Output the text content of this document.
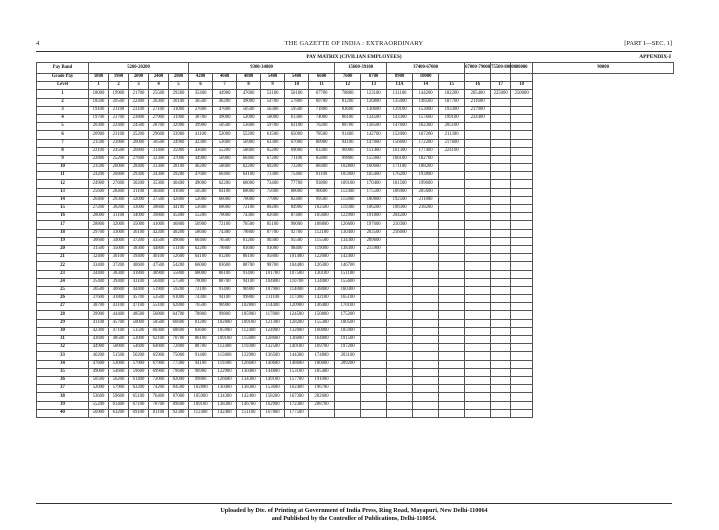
4	THE GAZETTE OF INDIA : EXTRAORDINARY	[PART I—SEC. 1]
PAY MATRIX (CIVILIAN EMPLOYEES)	APPENDIX-I
Pay Band	5200-20200					9300-34800						15600-39100		37400-67000			67000-79000	75500-80000	80000	90000
Grade Pay	1800	1900	2000	2400	2800	4200	4600	4800	5400	5400	6600	7600	8700	8900	10000					
Level	1	2	3	4	5	6	7	8	9	10	11	12	13	13A	14	15	16	17	18	
1	18000	19900	21700	25500	29200	35400	44900	47600	53100	56100	67700	78800	123100	131100	144200	182200	205400	225000	250000	
2	18500	20500	22400	26300	30100	36500	46200	49000	54700	57800	69700	81200	126800	135000	148500	187700	211600			
3	19100	21100	23100	27100	31000	37600	47600	50500	56300	59500	71800	83600	130600	139100	153000	193300	217900			
4	19700	21700	23800	27900	31900	38700	49000	52000	58000	61300	74000	86100	134500	143300	157600	199100	224400			
5	20300	22400	24500	28700	32900	39900	50500	53600	59700	63100	76200	88700	138500	147600	162300	205100				
6	20900	23100	25200	29600	33900	41100	52000	55200	61500	65000	78500	91400	142700	152000	167200	211300				
7	21500	23800	26000	30500	34900	42300	53600	56900	63300	67000	80900	94100	147000	156600	172200	217600				
8	22100	24500	26800	31400	35900	43600	55200	58600	65200	69000	83300	96900	151400	161300	177400	224100				
9	22800	25200	27600	32300	37000	44900	56900	60400	67200	71100	85800	99800	155900	166100	182700					
10	23500	26000	28400	33300	38100	46200	58600	62200	69200	73200	88400	102800	160600	171100	188200					
11	24200	26800	29300	34300	39200	47600	60400	64100	71300	75400	91100	105900	165400	176200	193800					
12	24900	27600	30200	35300	40400	49000	62200	66000	73400	77700	93800	109100	170400	181500	199600					
13	25600	28400	31100	36400	41600	50500	64100	68000	75600	80000	96600	112400	175500	186900	205600					
14	26400	29300	32000	37500	42800	52000	66000	70000	77900	82400	99500	115800	180800	192500	211800					
15	27200	30200	33000	38600	44100	53600	68000	72100	80200	84900	102500	119300	186200	198300	218200					
16	28000	31100	34000	39800	45400	55200	70000	74300	82600	87400	105600	122900	191800	204200						
17	28800	32000	35000	41000	46800	56900	72100	76500	85100	90000	108800	126600	197600	210300						
18	29700	33000	36100	42200	48200	58600	74300	78800	87700	92700	112100	130400	203500	216600						
19	30600	34000	37200	43500	49600	60400	76500	81200	90300	95500	115500	134300	209600							
20	31500	35000	38300	44800	51100	62200	78800	83600	93000	98400	119000	138300	215900							
21	32400	36100	39400	46100	52600	64100	81200	86100	95800	101400	122600	142400								
22	33400	37200	40600	47500	54200	66000	83600	88700	98700	104400	126300	146700								
23	34400	38300	41800	48900	55800	68000	86100	91400	101700	107500	130100	151100								
24	35400	39400	43100	50400	57500	70000	88700	94100	104800	110700	134000	155600								
25	36500	40600	44400	51900	59200	72100	91400	96900	107900	114000	138000	160300								
26	37600	41800	45700	53500	61000	74300	94100	99800	111100	117400	142100	165100								
27	38700	43100	47100	55100	62800	76500	96900	102800	114400	120900	146400	170100								
28	39900	44400	48500	56800	64700	78800	99800	105900	117800	124500	150800	175200								
29	41100	45700	50000	58500	66600	81200	102800	109100	121300	128200	155300	180500								
30	42300	47100	51500	60300	68600	83600	105900	112400	124900	132000	160000	185900								
31	43600	48500	53000	62100	70700	86100	109100	115800	128600	136000	164800	191500								
32	44900	50000	54600	64000	72800	88700	112400	119300	132500	140100	169700	197200								
33	46200	51500	56200	65900	75000	91400	115800	122900	136500	144300	174800	203100								
34	47600	53000	57900	67900	77300	94100	119300	126600	140600	148600	180000	209200								
35	49000	54600	59600	69900	79600	96900	122900	130400	144800	153100	185400									
36	50500	56200	61400	72000	82000	99800	126600	134300	149100	157700	191000									
37	52000	57900	63200	74200	84500	102800	130400	138300	153600	162400	196700									
38	53600	59600	65100	76400	87000	105900	134300	142400	158200	167300	202600									
39	55200	61400	67100	78700	89600	109100	138300	146700	162900	172300	208700									
40	56900	63200	69100	81100	92300	112400	142400	151100	167800	177500										
Uploaded by Dte. of Printing at Government of India Press, Ring Road, Mayapuri, New Delhi-110064
and Published by the Controller of Publications, Delhi-110054.
